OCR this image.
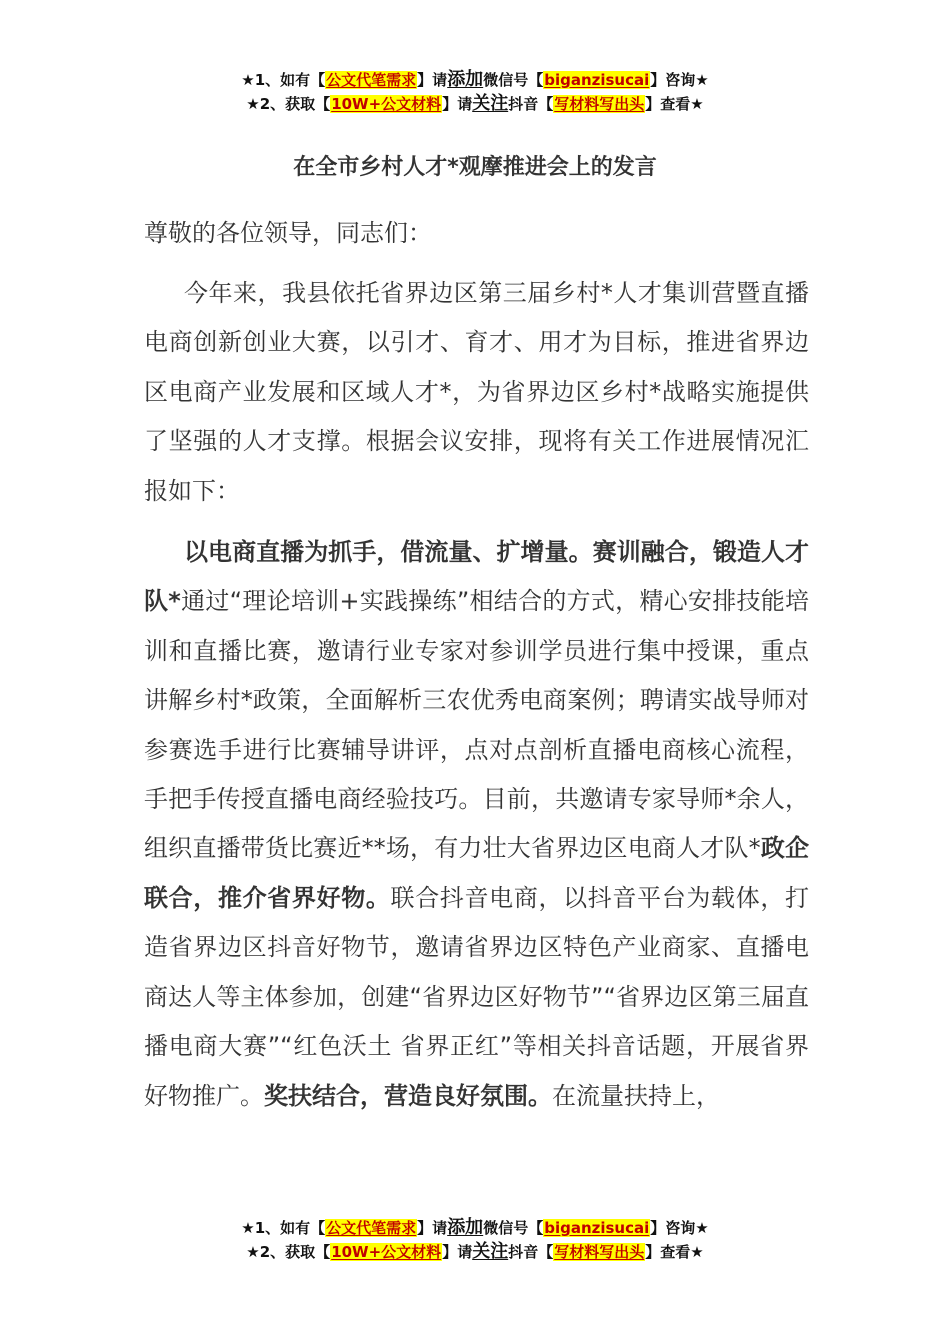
★1、如有【公文代笔需求】请添加微信号【biganzisucai】咨询★
★2、获取【10W+公文材料】请关注抖音【写材料写出头】查看★
在全市乡村人才*观摩推进会上的发言
尊敬的各位领导，同志们：

今年来，我县依托省界边区第三届乡村*人才集训营暨直播电商创新创业大赛，以引才、育才、用才为目标，推进省界边区电商产业发展和区域人才*，为省界边区乡村*战略实施提供了坚强的人才支撑。根据会议安排，现将有关工作进展情况汇报如下：

以电商直播为抓手，借流量、扩增量。赛训融合，锻造人才队*通过“理论培训+实践操练”相结合的方式，精心安排技能培训和直播比赛，邀请行业专家对参训学员进行集中授课，重点讲解乡村*政策，全面解析三农优秀电商案例；聘请实战导师对参赛选手进行比赛辅导讲评，点对点剖析直播电商核心流程，手把手传授直播电商经验技巧。目前，共邀请专家导师*余人，组织直播带货比赛近**场，有力壮大省界边区电商人才队*政企联合，推介省界好物。联合抖音电商，以抖音平台为载体，打造省界边区抖音好物节，邀请省界边区特色产业商家、直播电商达人等主体参加，创建“省界边区好物节”“省界边区第三届直播电商大赛”“红色沃土 省界正红”等相关抖音话题，开展省界好物推广。奖扶结合，营造良好氛围。在流量扶持上，

★1、如有【公文代笔需求】请添加微信号【biganzisucai】咨询★
★2、获取【10W+公文材料】请关注抖音【写材料写出头】查看★
